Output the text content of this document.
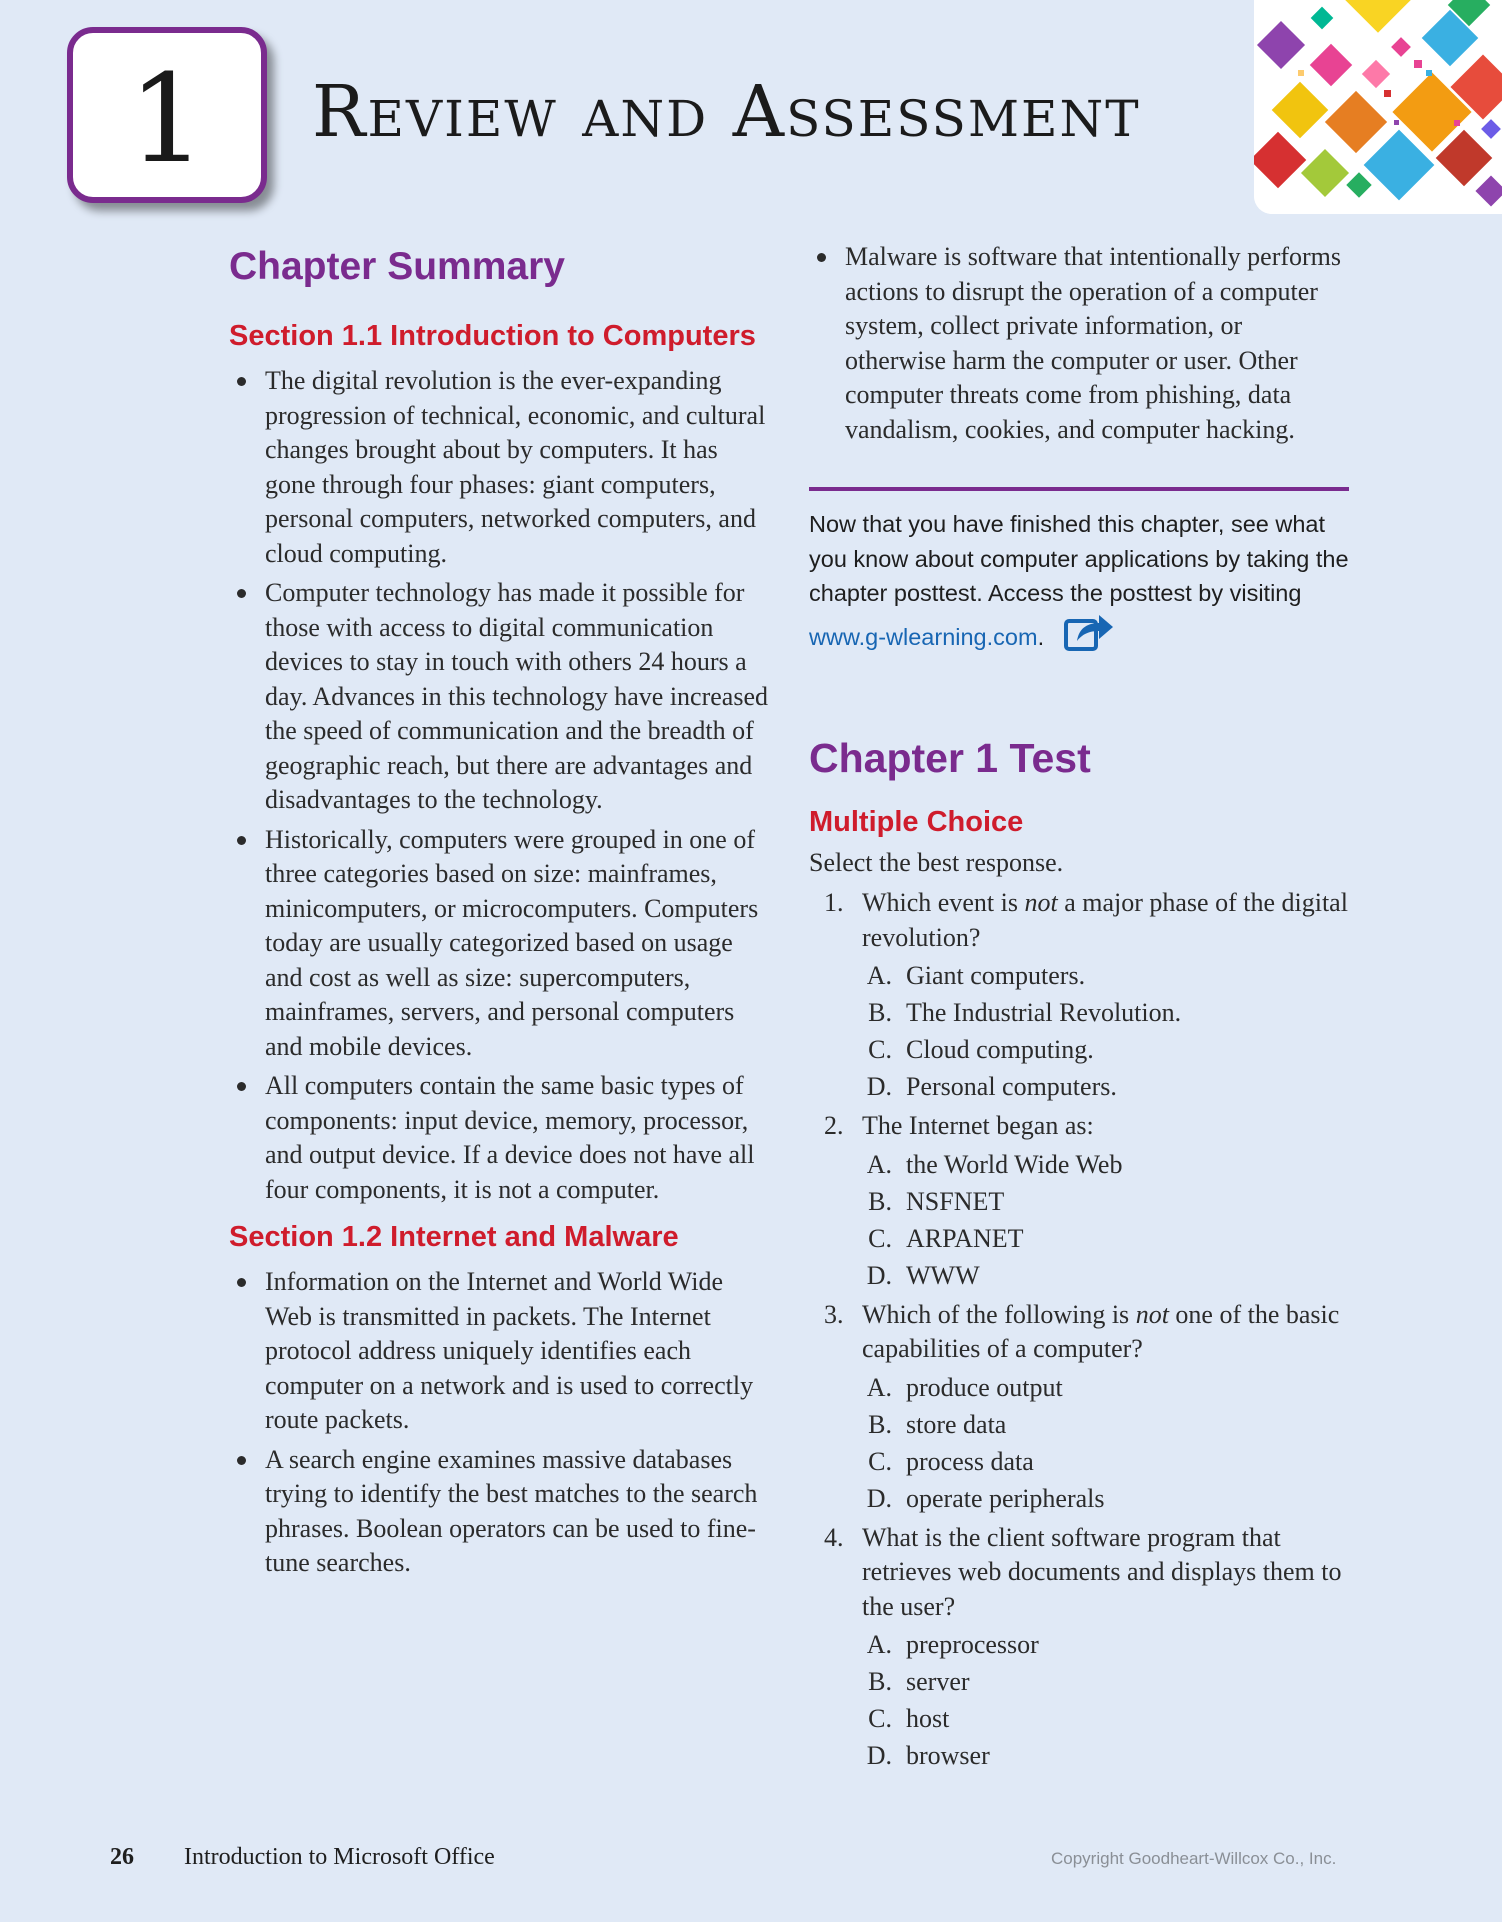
1 Review and Assessment
Chapter Summary
Section 1.1 Introduction to Computers
The digital revolution is the ever-expanding progression of technical, economic, and cultural changes brought about by computers. It has gone through four phases: giant computers, personal computers, networked computers, and cloud computing.
Computer technology has made it possible for those with access to digital communication devices to stay in touch with others 24 hours a day. Advances in this technology have increased the speed of communication and the breadth of geographic reach, but there are advantages and disadvantages to the technology.
Historically, computers were grouped in one of three categories based on size: mainframes, minicomputers, or microcomputers. Computers today are usually categorized based on usage and cost as well as size: supercomputers, mainframes, servers, and personal computers and mobile devices.
All computers contain the same basic types of components: input device, memory, processor, and output device. If a device does not have all four components, it is not a computer.
Section 1.2 Internet and Malware
Information on the Internet and World Wide Web is transmitted in packets. The Internet protocol address uniquely identifies each computer on a network and is used to correctly route packets.
A search engine examines massive databases trying to identify the best matches to the search phrases. Boolean operators can be used to fine-tune searches.
Malware is software that intentionally performs actions to disrupt the operation of a computer system, collect private information, or otherwise harm the computer or user. Other computer threats come from phishing, data vandalism, cookies, and computer hacking.
Now that you have finished this chapter, see what you know about computer applications by taking the chapter posttest. Access the posttest by visiting www.g-wlearning.com.
Chapter 1 Test
Multiple Choice

Select the best response.

1. Which event is not a major phase of the digital revolution?
A. Giant computers.
B. The Industrial Revolution.
C. Cloud computing.
D. Personal computers.
2. The Internet began as:
A. the World Wide Web
B. NSFNET
C. ARPANET
D. WWW
3. Which of the following is not one of the basic capabilities of a computer?
A. produce output
B. store data
C. process data
D. operate peripherals
4. What is the client software program that retrieves web documents and displays them to the user?
A. preprocessor
B. server
C. host
D. browser
26 Introduction to Microsoft Office	Copyright Goodheart-Willcox Co., Inc.
